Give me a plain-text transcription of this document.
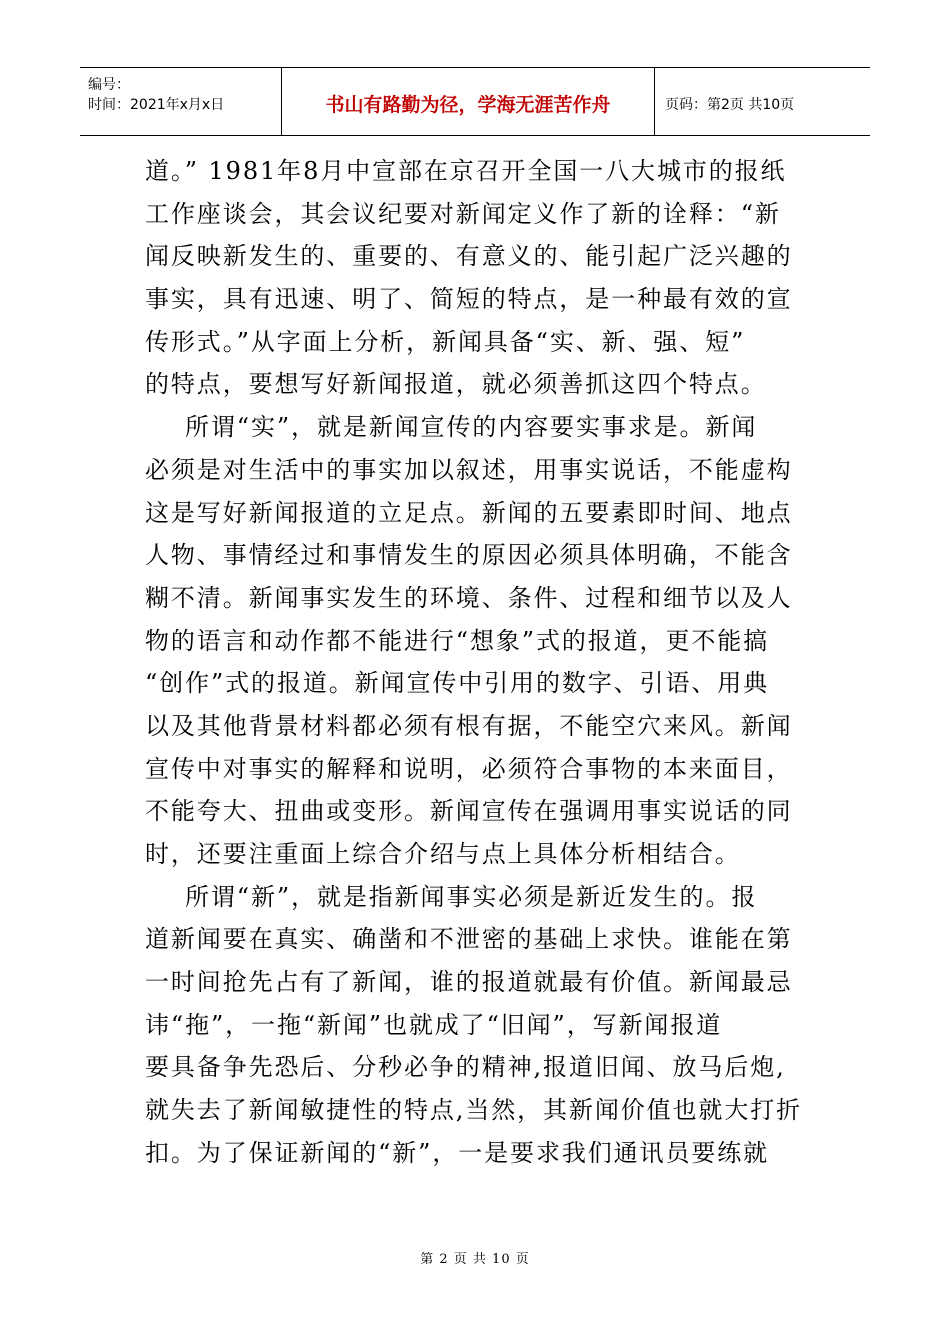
编号：
时间：2021年x月x日	书山有路勤为径，学海无涯苦作舟	页码：第2页 共10页
道。” 1981年8月中宣部在京召开全国一八大城市的报纸
工作座谈会，其会议纪要对新闻定义作了新的诠释：“新
闻反映新发生的、重要的、有意义的、能引起广泛兴趣的
事实，具有迅速、明了、简短的特点，是一种最有效的宣
传形式。”从字面上分析，新闻具备“实、新、强、短”
的特点，要想写好新闻报道，就必须善抓这四个特点。
所谓“实”，就是新闻宣传的内容要实事求是。新闻
必须是对生活中的事实加以叙述，用事实说话，不能虚构
这是写好新闻报道的立足点。新闻的五要素即时间、地点
人物、事情经过和事情发生的原因必须具体明确，不能含
糊不清。新闻事实发生的环境、条件、过程和细节以及人
物的语言和动作都不能进行“想象”式的报道，更不能搞
“创作”式的报道。新闻宣传中引用的数字、引语、用典
以及其他背景材料都必须有根有据，不能空穴来风。新闻
宣传中对事实的解释和说明，必须符合事物的本来面目，
不能夸大、扭曲或变形。新闻宣传在强调用事实说话的同
时，还要注重面上综合介绍与点上具体分析相结合。
所谓“新”，就是指新闻事实必须是新近发生的。报
道新闻要在真实、确凿和不泄密的基础上求快。谁能在第
一时间抢先占有了新闻，谁的报道就最有价值。新闻最忌
讳“拖”，一拖“新闻”也就成了“旧闻”，写新闻报道
要具备争先恐后、分秒必争的精神,报道旧闻、放马后炮,
就失去了新闻敏捷性的特点,当然，其新闻价值也就大打折
扣。为了保证新闻的“新”，一是要求我们通讯员要练就
第 2 页 共 10 页
